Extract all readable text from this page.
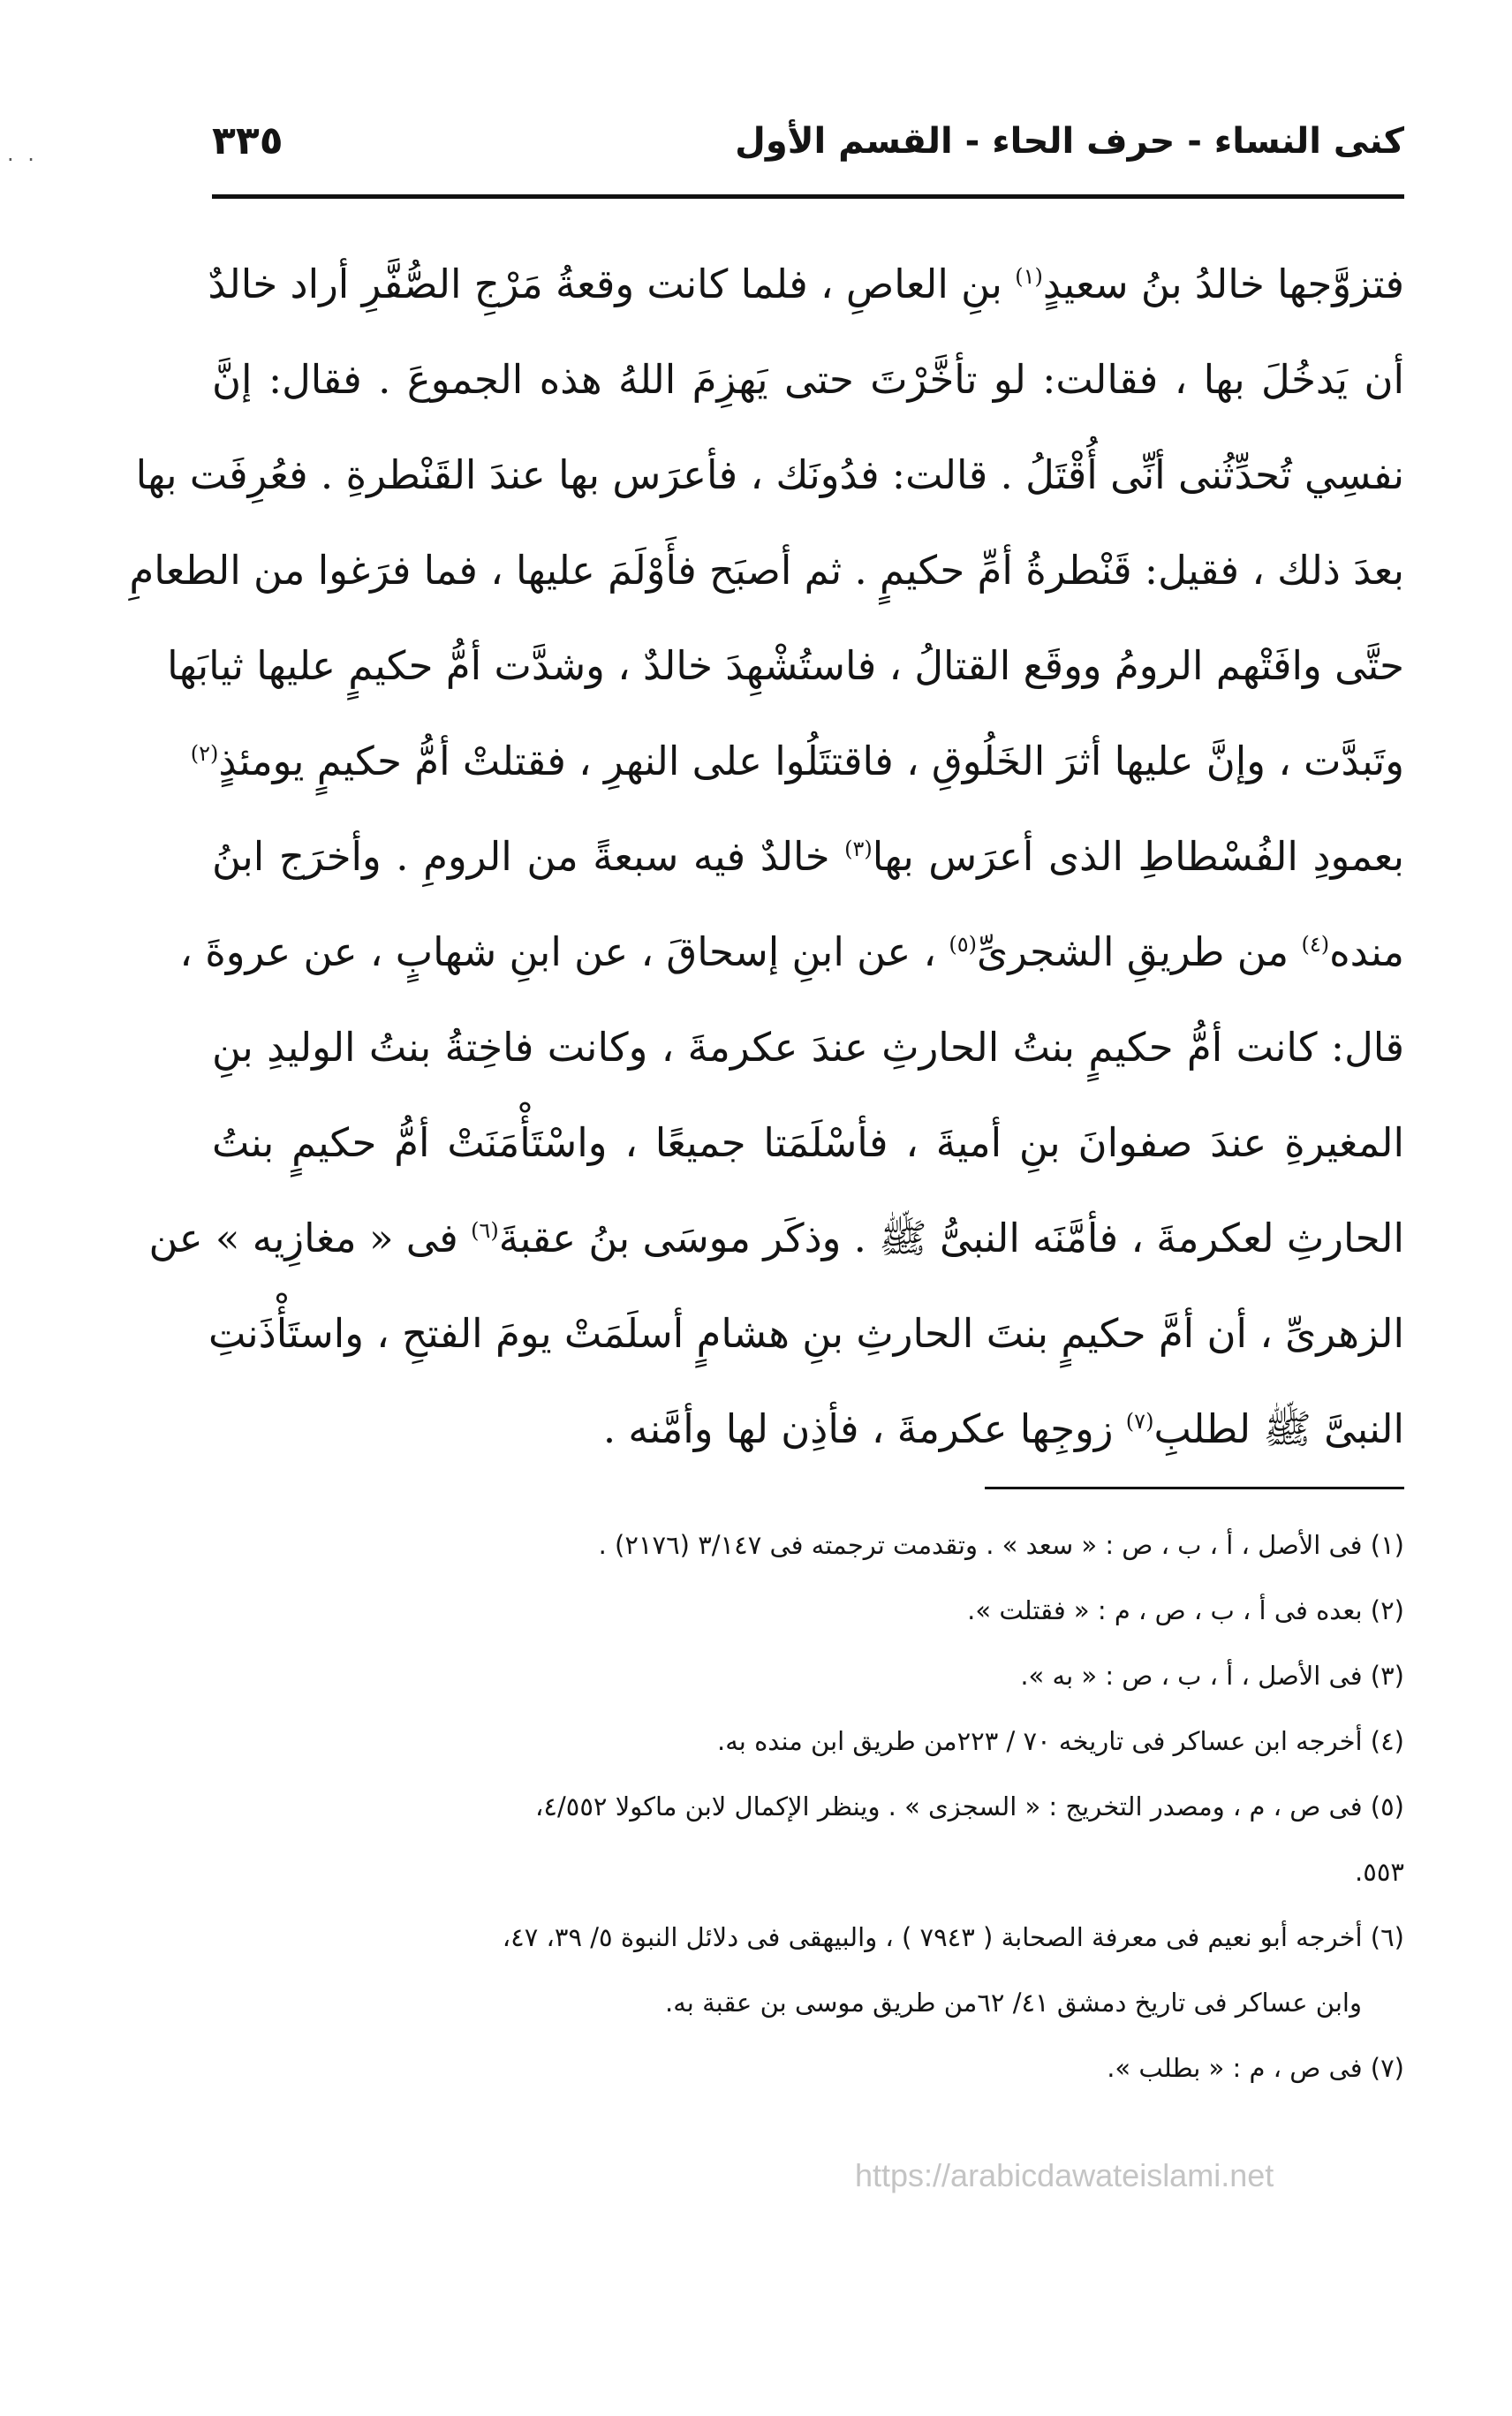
. .	كنى النساء - حرف الحاء - القسم الأول
٣٣٥
فتزوَّجها خالدُ بنُ سعيدٍ$^{(١)}$ بنِ العاصِ ، فلما كانت وقعةُ مَرْجِ الصُّفَّرِ أراد خالدٌ
أن يَدخُلَ بها ، فقالت: لو تأخَّرْتَ حتى يَهزِمَ اللهُ هذه الجموعَ . فقال: إنَّ
نفسِي تُحدِّثُنى أنِّى أُقْتَلُ . قالت: فدُونَك ، فأعرَس بها عندَ القَنْطرةِ . فعُرِفَت بها
بعدَ ذلك ، فقيل: قَنْطرةُ أمِّ حكيمٍ . ثم أصبَح فأَوْلَمَ عليها ، فما فرَغوا من الطعامِ
حتَّى وافَتْهم الرومُ ووقَع القتالُ ، فاستُشْهِدَ خالدٌ ، وشدَّت أمُّ حكيمٍ عليها ثيابَها
وتَبدَّت ، وإنَّ عليها أثرَ الخَلُوقِ ، فاقتتَلُوا على النهرِ ، فقتلتْ أمُّ حكيمٍ يومئذٍ$^{(٢)}$
بعمودِ الفُسْطاطِ الذى أعرَس بها$^{(٣)}$ خالدٌ فيه سبعةً من الرومِ . وأخرَج ابنُ
منده$^{(٤)}$ من طريقِ الشجرىِّ$^{(٥)}$ ، عن ابنِ إسحاقَ ، عن ابنِ شهابٍ ، عن عروةَ ،
قال: كانت أمُّ حكيمٍ بنتُ الحارثِ عندَ عكرمةَ ، وكانت فاخِتةُ بنتُ الوليدِ بنِ
المغيرةِ عندَ صفوانَ بنِ أميةَ ، فأسْلَمَتا جميعًا ، واسْتَأْمَنَتْ أمُّ حكيمٍ بنتُ
الحارثِ لعكرمةَ ، فأمَّنَه النبىُّ ﷺ . وذكَر موسَى بنُ عقبةَ$^{(٦)}$ فى « مغازِيه » عن
الزهرىِّ ، أن أمَّ حكيمٍ بنتَ الحارثِ بنِ هشامٍ أسلَمَتْ يومَ الفتحِ ، واستَأْذَنتِ
النبىَّ ﷺ لطلبِ$^{(٧)}$ زوجِها عكرمةَ ، فأذِن لها وأمَّنه .
(١) فى الأصل ، أ ، ب ، ص : « سعد » . وتقدمت ترجمته فى ٣/١٤٧ (٢١٧٦) .
(٢) بعده فى أ ، ب ، ص ، م : « فقتلت ».
(٣) فى الأصل ، أ ، ب ، ص : « به ».
(٤) أخرجه ابن عساكر فى تاريخه ٧٠ / ٢٢٣من طريق ابن منده به.
(٥) فى ص ، م ، ومصدر التخريج : « السجزى » . وينظر الإكمال لابن ماكولا ٤/٥٥٢،
٥٥٣.
(٦) أخرجه أبو نعيم فى معرفة الصحابة ( ٧٩٤٣ ) ، والبيهقى فى دلائل النبوة ٥/ ٣٩، ٤٧،
وابن عساكر فى تاريخ دمشق ٤١/ ٦٢من طريق موسى بن عقبة به.
(٧) فى ص ، م : « بطلب ».
https://arabicdawateislami.net
